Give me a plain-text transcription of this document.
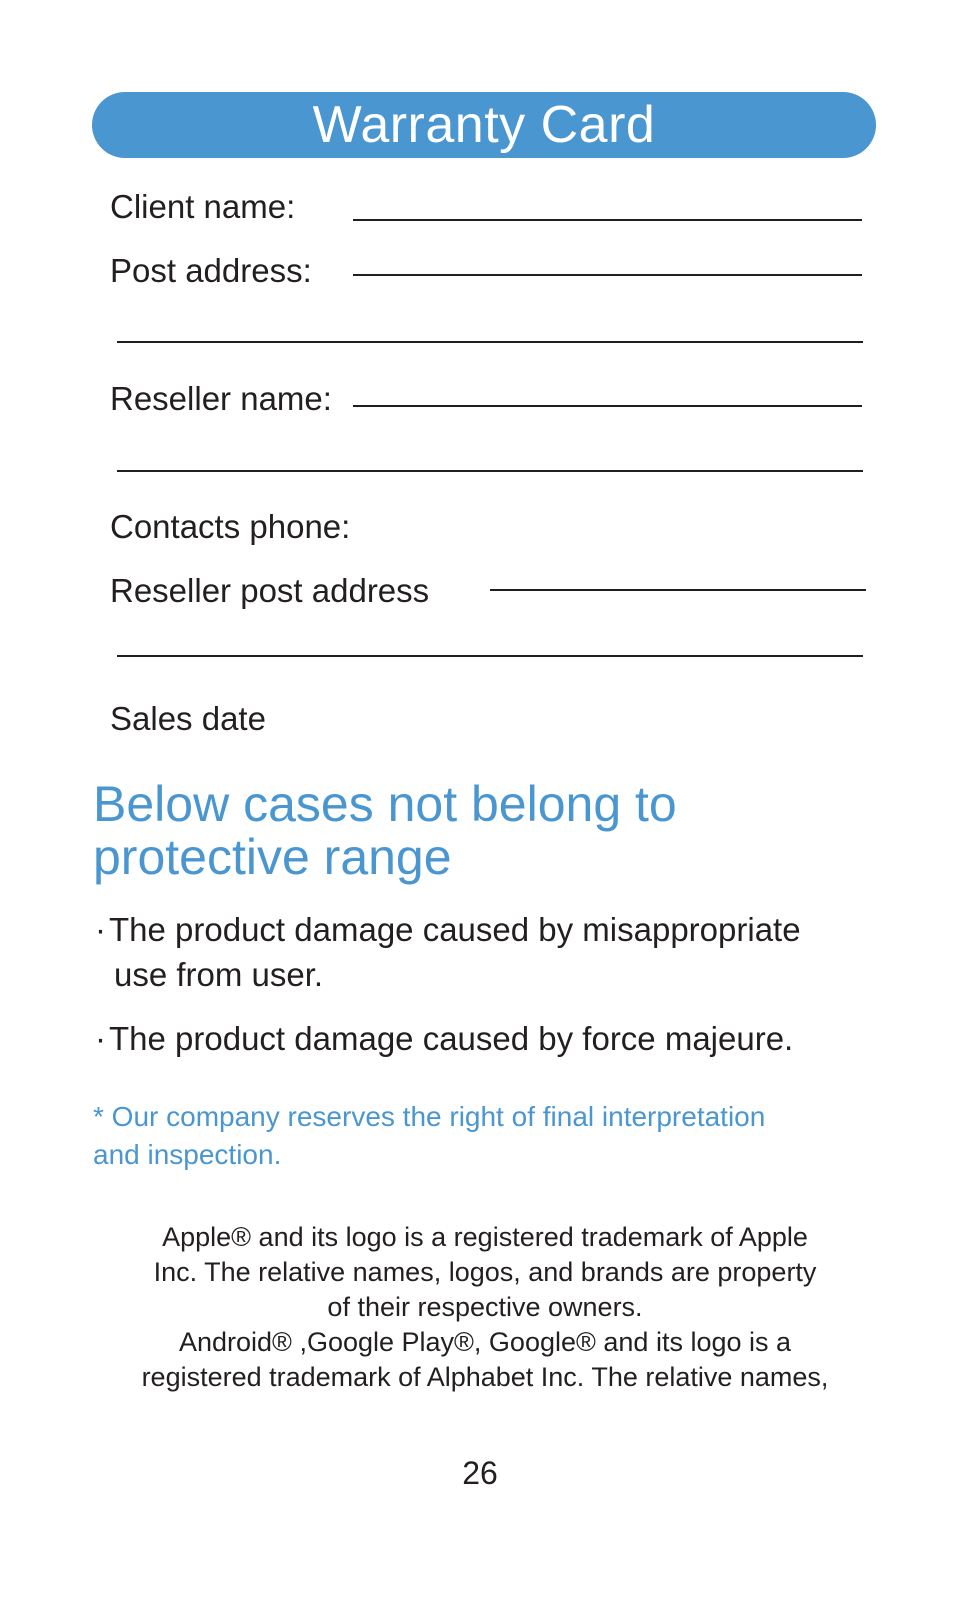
Warranty Card
Client name:
Post address:
Reseller name:
Contacts phone:
Reseller post address
Sales date
Below cases not belong to
protective range
·The product damage caused by misappropriate
use from user.
·The product damage caused by force majeure.
* Our company reserves the right of final interpretation
and inspection.
Apple® and its logo is a registered trademark of Apple
Inc. The relative names, logos, and brands are property
of their respective owners.
Android® ,Google Play®, Google® and its logo is a
registered trademark of Alphabet Inc. The relative names,
26
